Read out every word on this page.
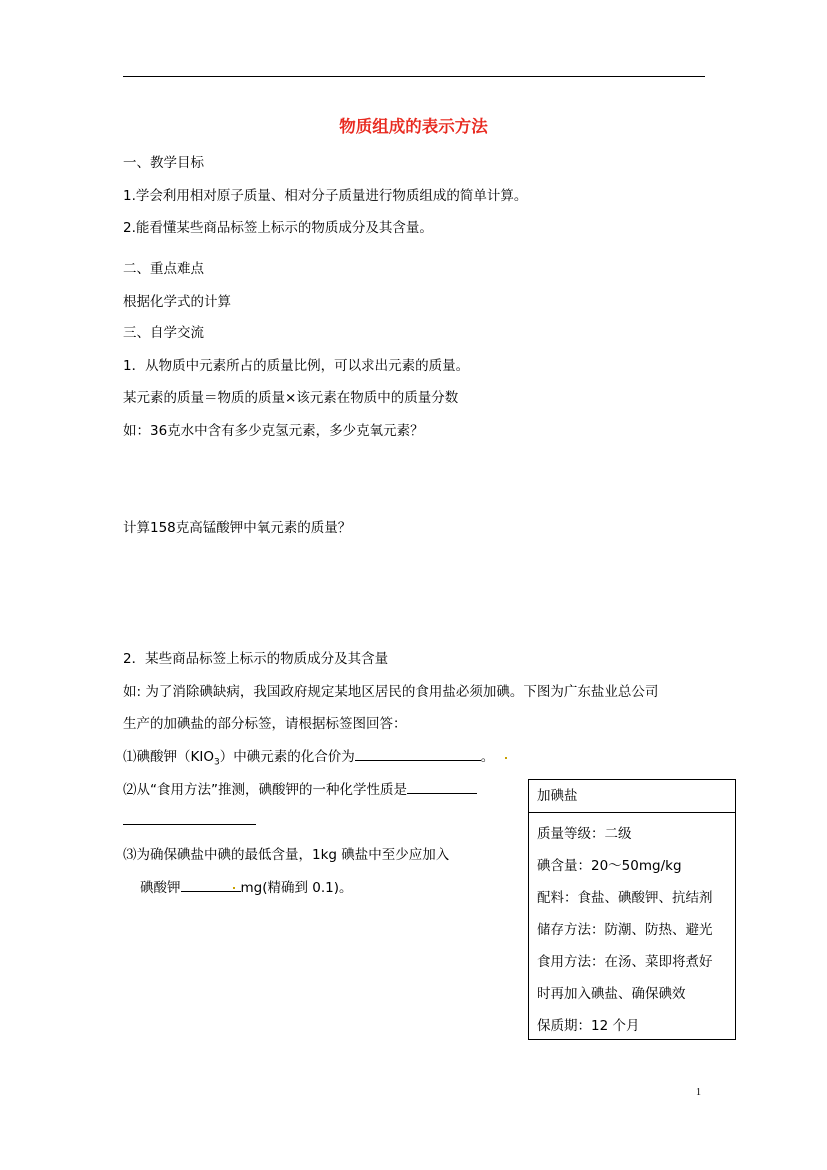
物质组成的表示方法
一、教学目标
1.学会利用相对原子质量、相对分子质量进行物质组成的简单计算。
2.能看懂某些商品标签上标示的物质成分及其含量。
二、重点难点
根据化学式的计算
三、自学交流
1．从物质中元素所占的质量比例，可以求出元素的质量。
某元素的质量＝物质的质量×该元素在物质中的质量分数
如：36克水中含有多少克氢元素，多少克氧元素？
计算158克高锰酸钾中氧元素的质量？
2．某些商品标签上标示的物质成分及其含量
如: 为了消除碘缺病，我国政府规定某地区居民的食用盐必须加碘。下图为广东盐业总公司
生产的加碘盐的部分标签，请根据标签图回答：
⑴碘酸钾$(KIO_3)$中碘元素的化合价为	。
⑵从“食用方法”推测，碘酸钾的一种化学性质是
⑶为确保碘盐中碘的最低含量，1kg 碘盐中至少应加入
碘酸钾	mg(精确到 0.1)。
加碘盐
质量等级：二级
碘含量：20～50mg/kg
配料：食盐、碘酸钾、抗结剂
储存方法：防潮、防热、避光
食用方法：在汤、菜即将煮好
时再加入碘盐、确保碘效
保质期：12 个月
1
